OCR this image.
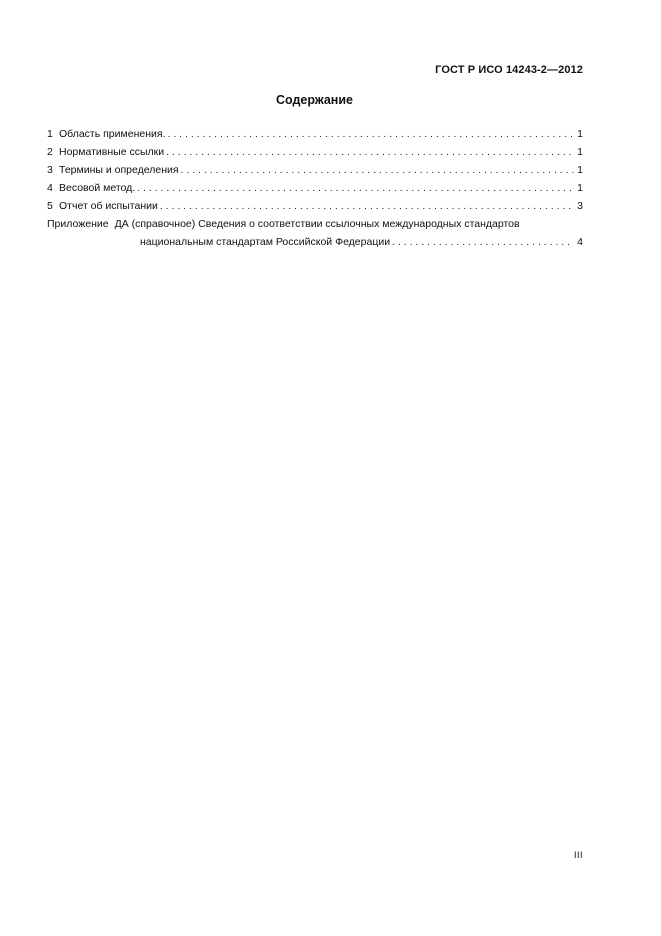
ГОСТ Р ИСО 14243-2—2012
Содержание
1 Область применения. . . .	1
2 Нормативные ссылки . . .	1
3 Термины и определения . . .	1
4 Весовой метод. . . .	1
5 Отчет об испытании . . .	3
Приложение ДА (справочное) Сведения о соответствии ссылочных международных стандартов
национальным стандартам Российской Федерации . . .	4
III
